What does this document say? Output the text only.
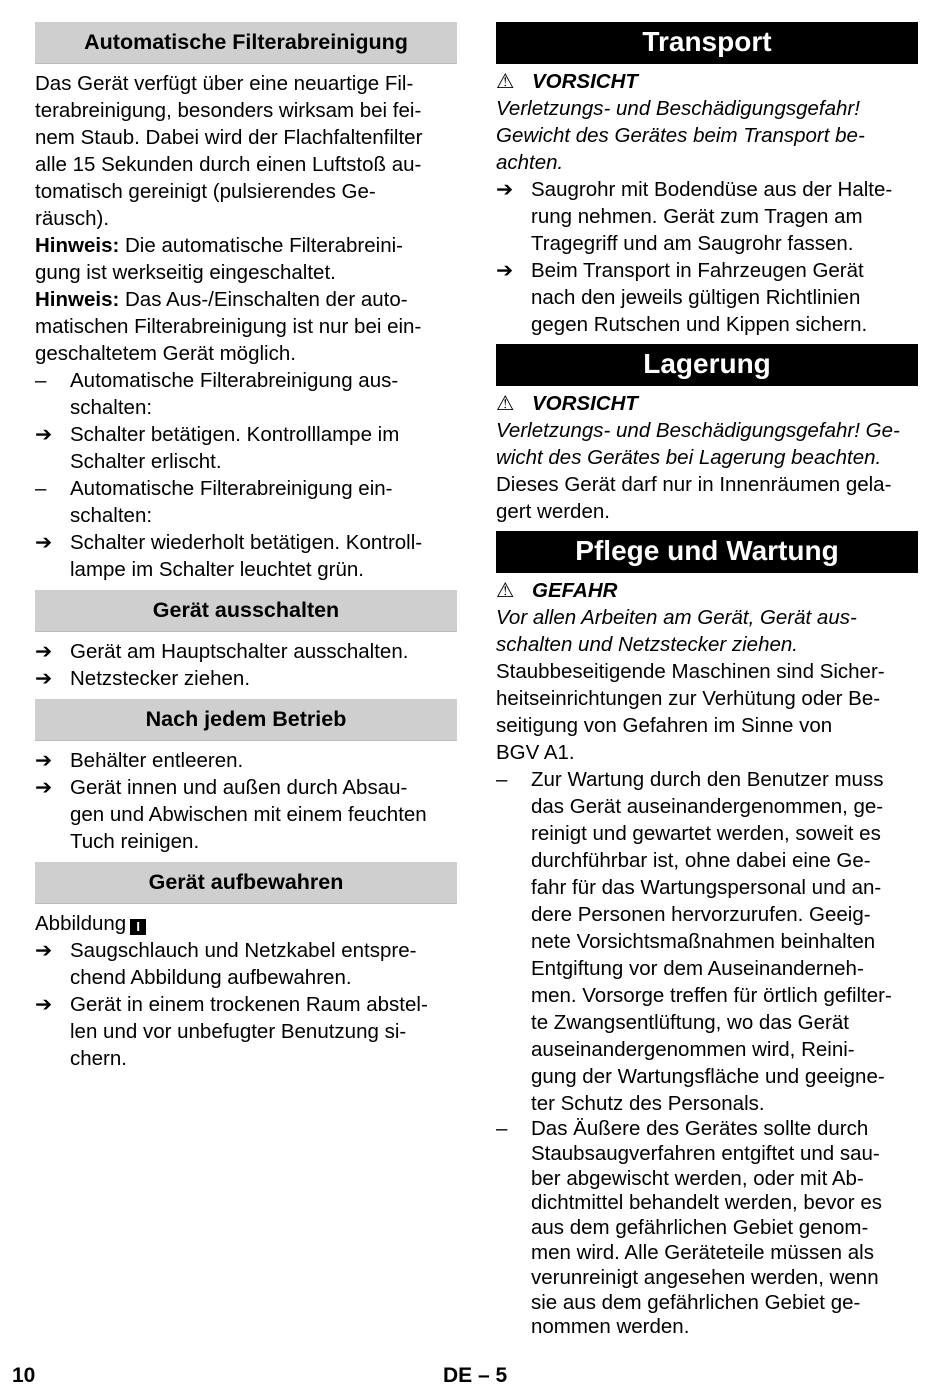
Automatische Filterabreinigung
Das Gerät verfügt über eine neuartige Fil-
terabreinigung, besonders wirksam bei fei-
nem Staub. Dabei wird der Flachfaltenfilter
alle 15 Sekunden durch einen Luftstoß au-
tomatisch gereinigt (pulsierendes Ge-
räusch).
Hinweis: Die automatische Filterabreini-
gung ist werkseitig eingeschaltet.
Hinweis: Das Aus-/Einschalten der auto-
matischen Filterabreinigung ist nur bei ein-
geschaltetem Gerät möglich.
–	Automatische Filterabreinigung aus-
schalten:
➔ Schalter betätigen. Kontrolllampe im
Schalter erlischt.
–	Automatische Filterabreinigung ein-
schalten:
➔ Schalter wiederholt betätigen. Kontroll-
lampe im Schalter leuchtet grün.
Gerät ausschalten
➔ Gerät am Hauptschalter ausschalten.
➔ Netzstecker ziehen.
Nach jedem Betrieb
➔ Behälter entleeren.
➔ Gerät innen und außen durch Absau-
gen und Abwischen mit einem feuchten
Tuch reinigen.
Gerät aufbewahren
Abbildung I
➔ Saugschlauch und Netzkabel entspre-
chend Abbildung aufbewahren.
➔ Gerät in einem trockenen Raum abstel-
len und vor unbefugter Benutzung si-
chern.
Transport
⚠ VORSICHT
Verletzungs- und Beschädigungsgefahr!
Gewicht des Gerätes beim Transport be-
achten.
➔ Saugrohr mit Bodendüse aus der Halte-
rung nehmen. Gerät zum Tragen am
Tragegriff und am Saugrohr fassen.
➔ Beim Transport in Fahrzeugen Gerät
nach den jeweils gültigen Richtlinien
gegen Rutschen und Kippen sichern.
Lagerung
⚠ VORSICHT
Verletzungs- und Beschädigungsgefahr! Ge-
wicht des Gerätes bei Lagerung beachten.
Dieses Gerät darf nur in Innenräumen gela-
gert werden.
Pflege und Wartung
⚠ GEFAHR
Vor allen Arbeiten am Gerät, Gerät aus-
schalten und Netzstecker ziehen.
Staubbeseitigende Maschinen sind Sicher-
heitseinrichtungen zur Verhütung oder Be-
seitigung von Gefahren im Sinne von
BGV A1.
–	Zur Wartung durch den Benutzer muss
das Gerät auseinandergenommen, ge-
reinigt und gewartet werden, soweit es
durchführbar ist, ohne dabei eine Ge-
fahr für das Wartungspersonal und an-
dere Personen hervorzurufen. Geeig-
nete Vorsichtsmaßnahmen beinhalten
Entgiftung vor dem Auseinanderneh-
men. Vorsorge treffen für örtlich gefilter-
te Zwangsentlüftung, wo das Gerät
auseinandergenommen wird, Reini-
gung der Wartungsfläche und geeigne-
ter Schutz des Personals.
–	Das Äußere des Gerätes sollte durch
Staubsaugverfahren entgiftet und sau-
ber abgewischt werden, oder mit Ab-
dichtmittel behandelt werden, bevor es
aus dem gefährlichen Gebiet genom-
men wird. Alle Geräteteile müssen als
verunreinigt angesehen werden, wenn
sie aus dem gefährlichen Gebiet ge-
nommen werden.
10	DE – 5
